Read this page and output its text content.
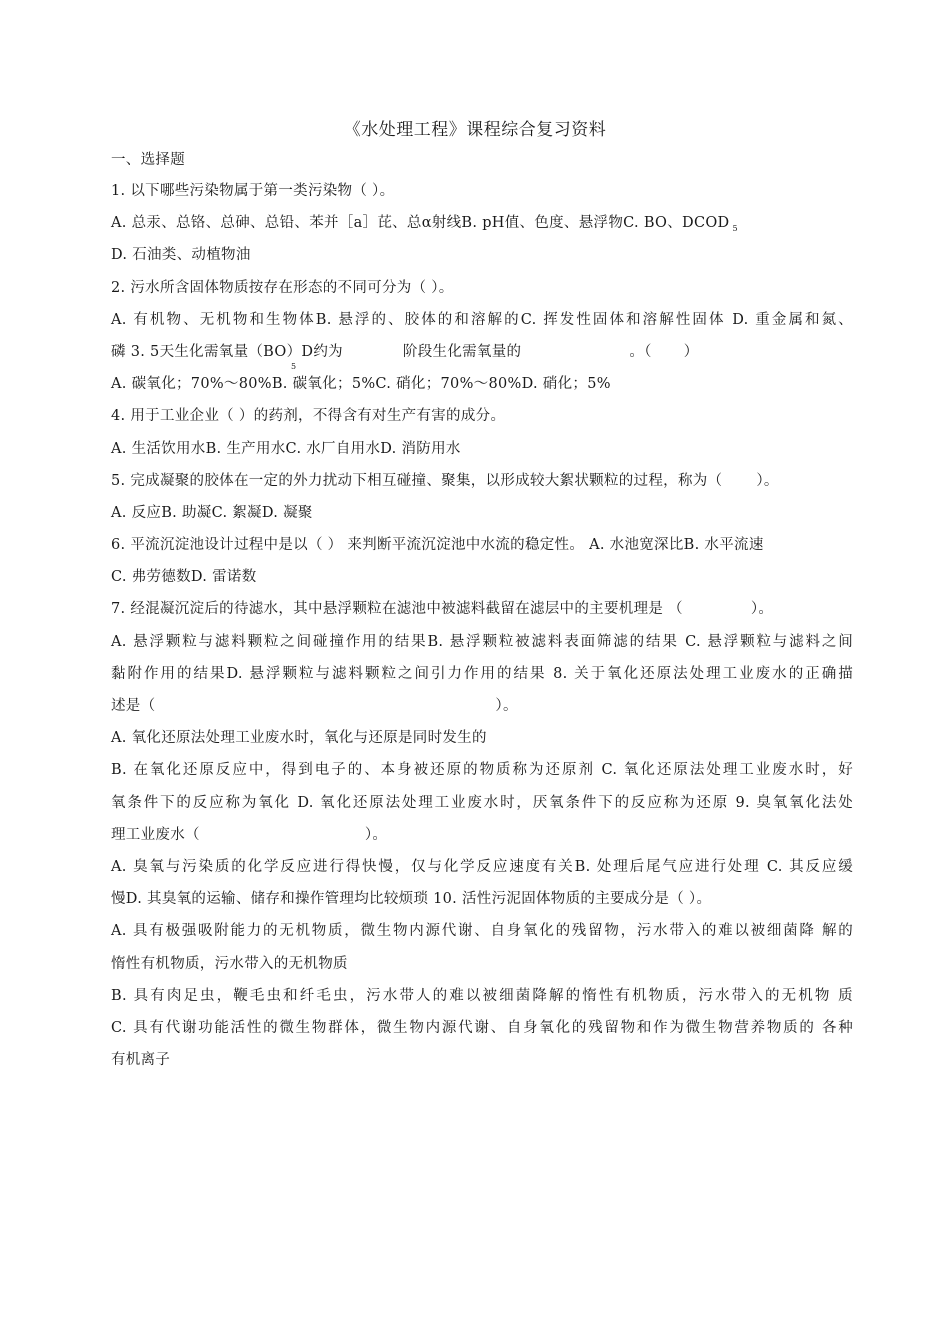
《水处理工程》课程综合复习资料
一、选择题
1. 以下哪些污染物属于第一类污染物（ ）。
A. 总汞、总铬、总砷、总铅、苯并［a］芘、总α射线B. pH值、色度、悬浮物C. BO、DCOD $_5$
D. 石油类、动植物油
2. 污水所含固体物质按存在形态的不同可分为（ ）。
A. 有机物、无机物和生物体B. 悬浮的、胶体的和溶解的C. 挥发性固体和溶解性固体 D. 重金属和氮、
磷 3. 5天生化需氧量（BO）D约为	阶段生化需氧量的	。（ ）
5
A. 碳氧化；70%～80%B. 碳氧化；5%C. 硝化；70%～80%D. 硝化；5%
4. 用于工业企业（ ）的药剂，不得含有对生产有害的成分。
A. 生活饮用水B. 生产用水C. 水厂自用水D. 消防用水
5. 完成凝聚的胶体在一定的外力扰动下相互碰撞、聚集，以形成较大絮状颗粒的过程，称为（ ）。
A. 反应B. 助凝C. 絮凝D. 凝聚
6. 平流沉淀池设计过程中是以（ ） 来判断平流沉淀池中水流的稳定性。 A. 水池宽深比B. 水平流速
C. 弗劳德数D. 雷诺数
7. 经混凝沉淀后的待滤水，其中悬浮颗粒在滤池中被滤料截留在滤层中的主要机理是 （	）。
A. 悬浮颗粒与滤料颗粒之间碰撞作用的结果B. 悬浮颗粒被滤料表面筛滤的结果 C. 悬浮颗粒与滤料之间
黏附作用的结果D. 悬浮颗粒与滤料颗粒之间引力作用的结果 8. 关于氧化还原法处理工业废水的正确描
述是（	）。
A. 氧化还原法处理工业废水时，氧化与还原是同时发生的
B. 在氧化还原反应中，得到电子的、本身被还原的物质称为还原剂 C. 氧化还原法处理工业废水时，好
氧条件下的反应称为氧化 D. 氧化还原法处理工业废水时，厌氧条件下的反应称为还原 9. 臭氧氧化法处
理工业废水（	）。
A. 臭氧与污染质的化学反应进行得快慢，仅与化学反应速度有关B. 处理后尾气应进行处理 C. 其反应缓
慢D. 其臭氧的运输、储存和操作管理均比较烦琐 10. 活性污泥固体物质的主要成分是（ ）。
A. 具有极强吸附能力的无机物质，微生物内源代谢、自身氧化的残留物，污水带入的难以被细菌降 解的
惰性有机物质，污水带入的无机物质
B. 具有肉足虫，鞭毛虫和纤毛虫，污水带人的难以被细菌降解的惰性有机物质，污水带入的无机物 质
C. 具有代谢功能活性的微生物群体，微生物内源代谢、自身氧化的残留物和作为微生物营养物质的 各种
有机离子
